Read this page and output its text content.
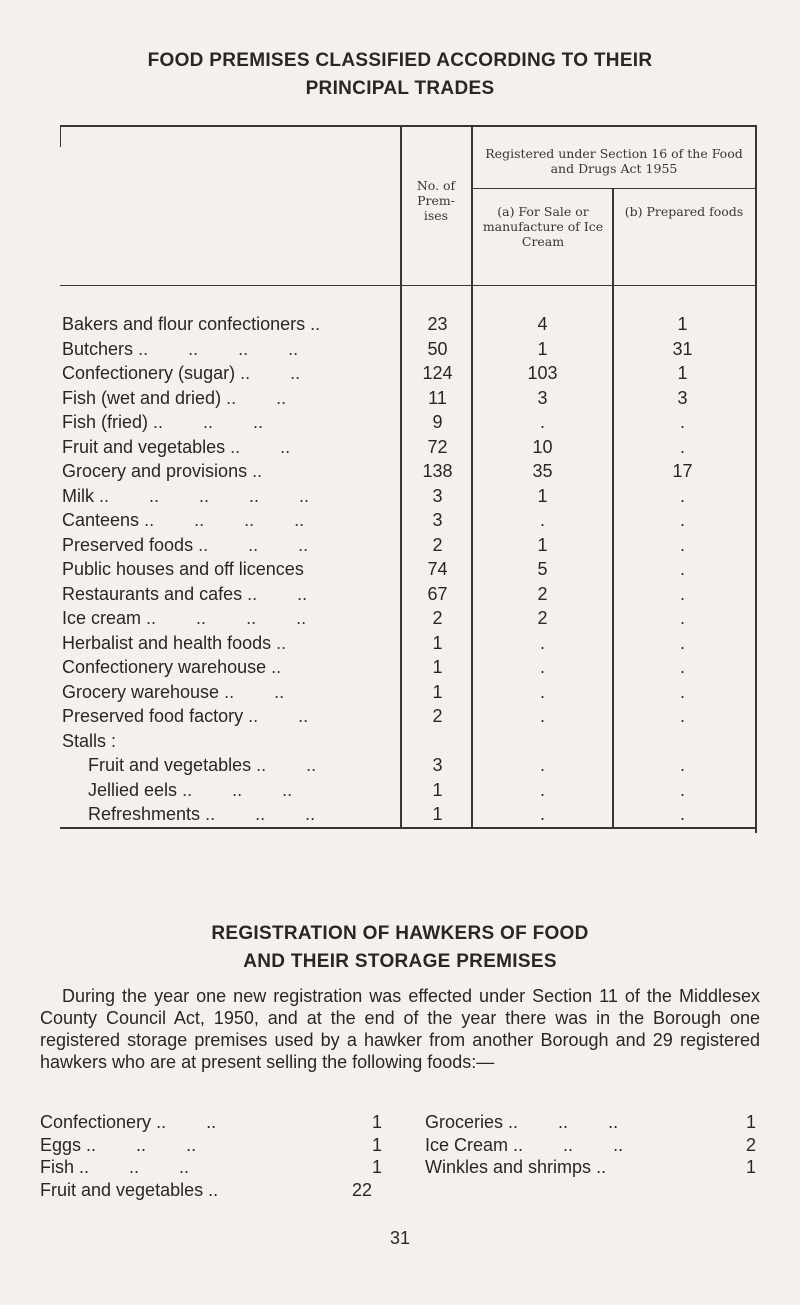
FOOD PREMISES CLASSIFIED ACCORDING TO THEIR
PRINCIPAL TRADES
No. of Prem- ises
Registered under Section 16 of the Food and Drugs Act 1955
(a) For Sale or manufacture of Ice Cream
(b) Prepared foods
Bakers and flour confectioners ..	23	4	1
Butchers ..        ..        ..        ..	50	1	31
Confectionery (sugar) ..        ..	124	103	1
Fish (wet and dried) ..        ..	11	3	3
Fish (fried) ..        ..        ..	9	.	.
Fruit and vegetables ..        ..	72	10	.
Grocery and provisions ..	138	35	17
Milk ..        ..        ..        ..        ..	3	1	.
Canteens ..        ..        ..        ..	3	.	.
Preserved foods ..        ..        ..	2	1	.
Public houses and off licences	74	5	.
Restaurants and cafes ..        ..	67	2	.
Ice cream ..        ..        ..        ..	2	2	.
Herbalist and health foods ..	1	.	.
Confectionery warehouse ..	1	.	.
Grocery warehouse ..        ..	1	.	.
Preserved food factory ..        ..	2	.	.
Stalls :
Fruit and vegetables ..        ..	3	.	.
Jellied eels ..        ..        ..	1	.	.
Refreshments ..        ..        ..	1	.	.
REGISTRATION OF HAWKERS OF FOOD
AND THEIR STORAGE PREMISES
During the year one new registration was effected under Section 11 of the Middlesex County Council Act, 1950, and at the end of the year there was in the Borough one registered storage premises used by a hawker from another Borough and 29 registered hawkers who are at present selling the following foods:—
Confectionery ..        ..	1
Eggs ..        ..        ..	1
Fish ..        ..        ..	1
Fruit and vegetables ..	22
Groceries ..        ..        ..	1
Ice Cream ..        ..        ..	2
Winkles and shrimps ..	1
31
